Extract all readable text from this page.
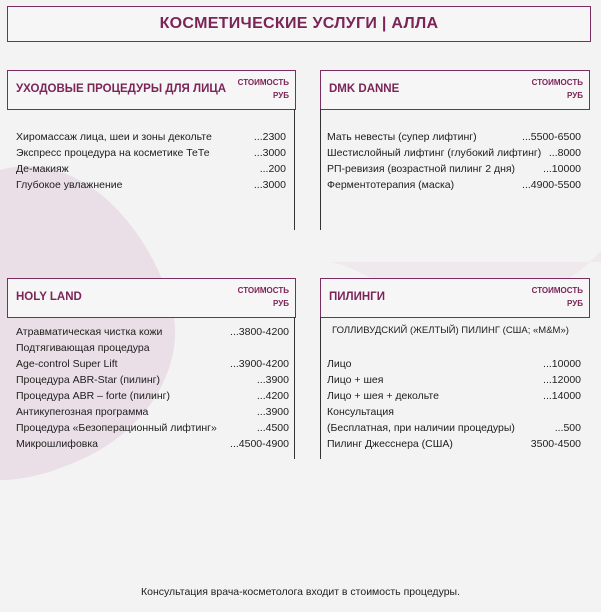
КОСМЕТИЧЕСКИЕ УСЛУГИ | АЛЛА
УХОДОВЫЕ ПРОЦЕДУРЫ ДЛЯ ЛИЦА
СТОИМОСТЬ
РУБ
Хиромассаж лица, шеи и зоны декольте	...2300
Экспресс процедура на косметике ТеТе	...3000
Де-макияж	...200
Глубокое увлажнение	...3000
DMK DANNE
СТОИМОСТЬ
РУБ
Мать невесты (супер лифтинг)	...5500-6500
Шестислойный лифтинг (глубокий лифтинг) ...8000
РП-ревизия (возрастной пилинг 2 дня)	...10000
Ферментотерапия (маска)	...4900-5500
HOLY LAND
СТОИМОСТЬ
РУБ
Атравматическая чистка кожи	...3800-4200
Подтягивающая процедура
Age-control Super Lift	...3900-4200
Процедура ABR-Star (пилинг)	...3900
Процедура ABR – forte (пилинг)	...4200
Антикупerозная программа	...3900
Процедура «Безоперационный лифтинг»	...4500
Микрошлифовка	...4500-4900
ПИЛИНГИ
СТОИМОСТЬ
РУБ
ГОЛЛИВУДСКИЙ (ЖЕЛТЫЙ) ПИЛИНГ (США; «M&M»)
Лицо	...10000
Лицо + шея	...12000
Лицо + шея + декольте	...14000
Консультация
(Бесплатная, при наличии процедуры)	...500
Пилинг Джесснера (США)	3500-4500
Консультация врача-косметолога входит в стоимость процедуры.
